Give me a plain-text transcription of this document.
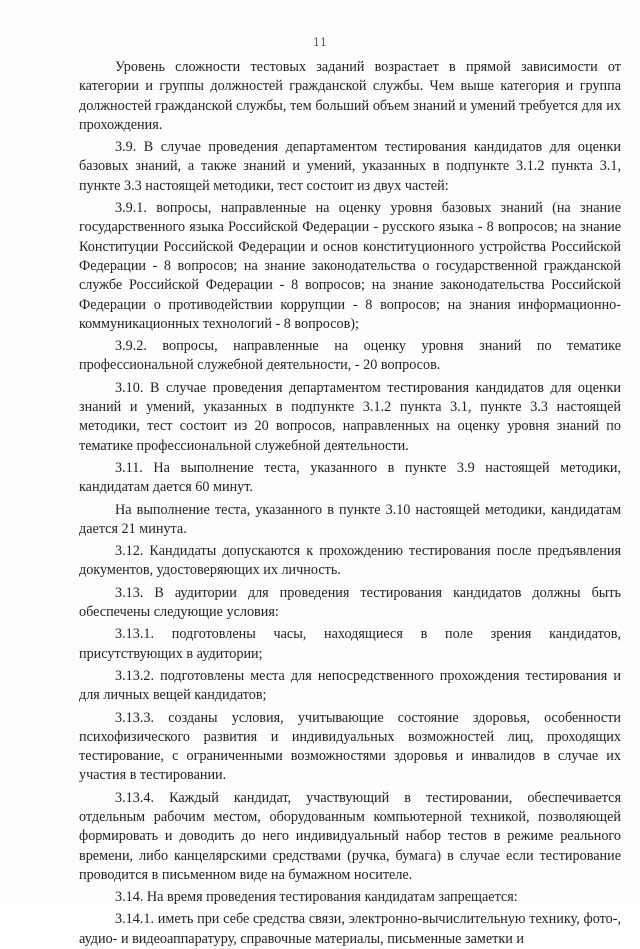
11

Уровень сложности тестовых заданий возрастает в прямой зависимости от категории и группы должностей гражданской службы. Чем выше категория и группа должностей гражданской службы, тем больший объем знаний и умений требуется для их прохождения.

3.9. В случае проведения департаментом тестирования кандидатов для оценки базовых знаний, а также знаний и умений, указанных в подпункте 3.1.2 пункта 3.1, пункте 3.3 настоящей методики, тест состоит из двух частей:

3.9.1. вопросы, направленные на оценку уровня базовых знаний (на знание государственного языка Российской Федерации - русского языка - 8 вопросов; на знание Конституции Российской Федерации и основ конституционного устройства Российской Федерации - 8 вопросов; на знание законодательства о государственной гражданской службе Российской Федерации - 8 вопросов; на знание законодательства Российской Федерации о противодействии коррупции - 8 вопросов; на знания информационно-коммуникационных технологий - 8 вопросов);

3.9.2. вопросы, направленные на оценку уровня знаний по тематике профессиональной служебной деятельности, - 20 вопросов.

3.10. В случае проведения департаментом тестирования кандидатов для оценки знаний и умений, указанных в подпункте 3.1.2 пункта 3.1, пункте 3.3 настоящей методики, тест состоит из 20 вопросов, направленных на оценку уровня знаний по тематике профессиональной служебной деятельности.

3.11. На выполнение теста, указанного в пункте 3.9 настоящей методики, кандидатам дается 60 минут.

На выполнение теста, указанного в пункте 3.10 настоящей методики, кандидатам дается 21 минута.

3.12. Кандидаты допускаются к прохождению тестирования после предъявления документов, удостоверяющих их личность.

3.13. В аудитории для проведения тестирования кандидатов должны быть обеспечены следующие условия:

3.13.1. подготовлены часы, находящиеся в поле зрения кандидатов, присутствующих в аудитории;

3.13.2. подготовлены места для непосредственного прохождения тестирования и для личных вещей кандидатов;

3.13.3. созданы условия, учитывающие состояние здоровья, особенности психофизического развития и индивидуальных возможностей лиц, проходящих тестирование, с ограниченными возможностями здоровья и инвалидов в случае их участия в тестировании.

3.13.4. Каждый кандидат, участвующий в тестировании, обеспечивается отдельным рабочим местом, оборудованным компьютерной техникой, позволяющей формировать и доводить до него индивидуальный набор тестов в режиме реального времени, либо канцелярскими средствами (ручка, бумага) в случае если тестирование проводится в письменном виде на бумажном носителе.

3.14. На время проведения тестирования кандидатам запрещается:

3.14.1. иметь при себе средства связи, электронно-вычислительную технику, фото-, аудио- и видеоаппаратуру, справочные материалы, письменные заметки и
